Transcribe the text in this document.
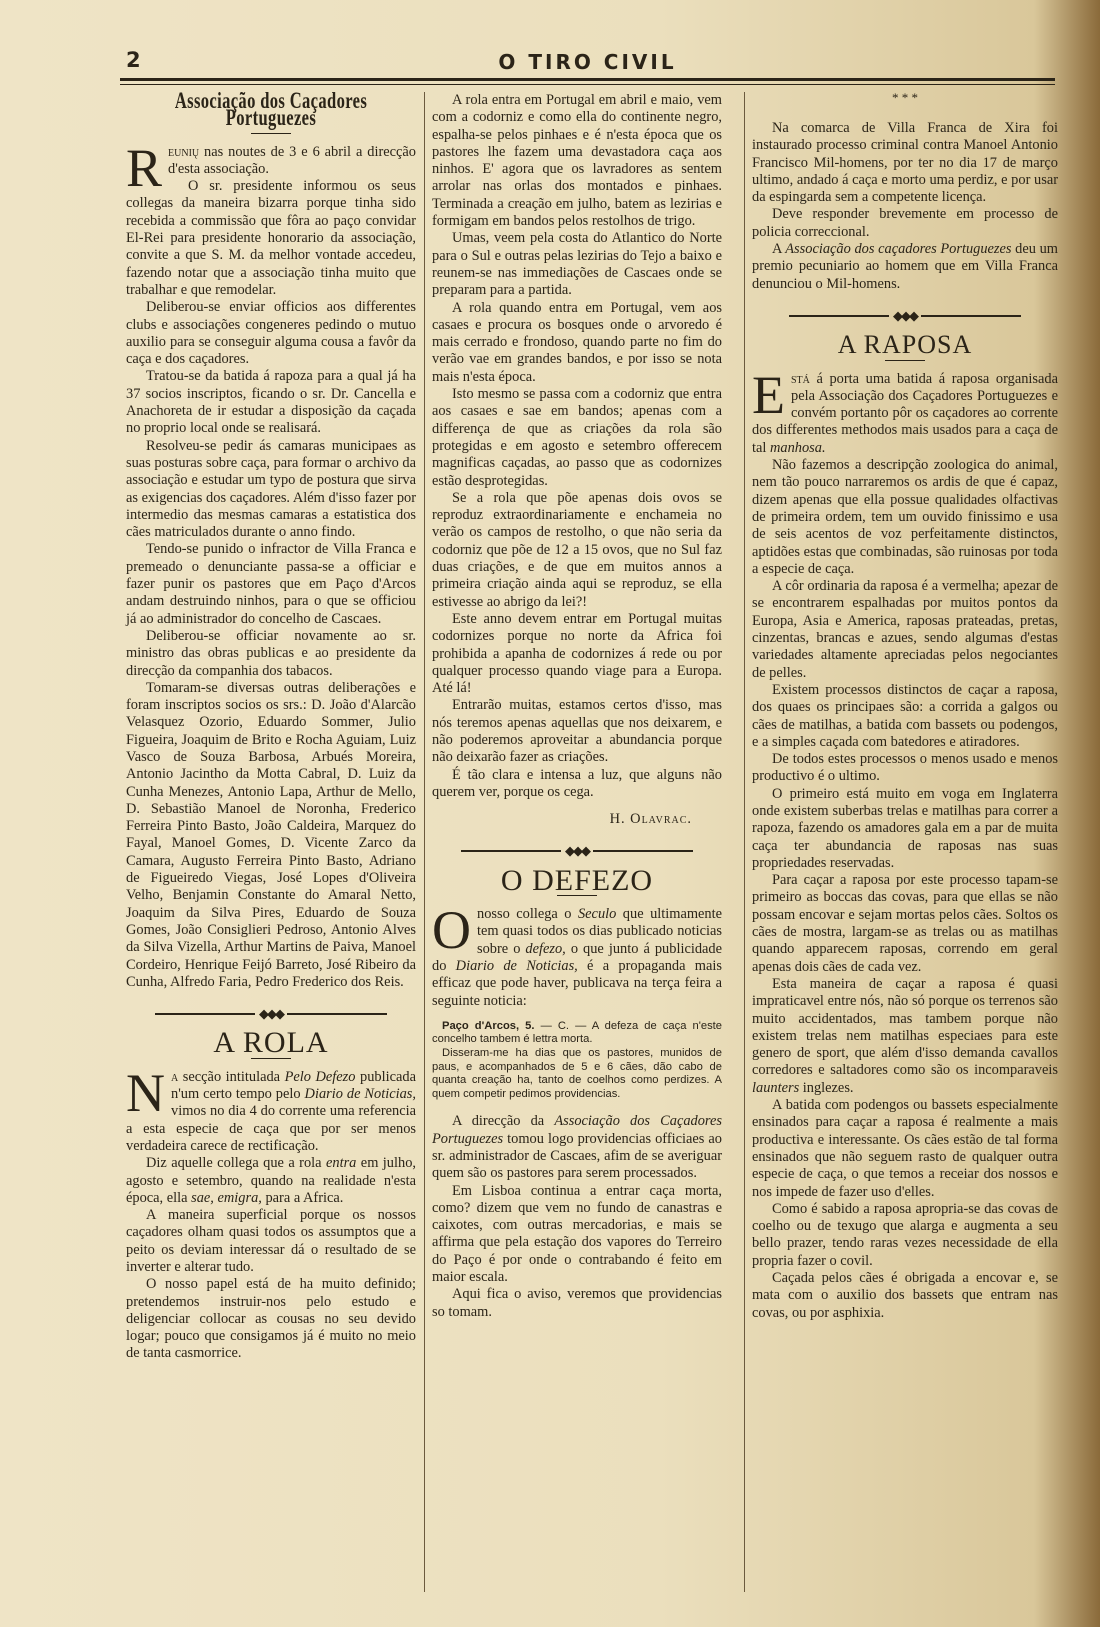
2	O TIRO CIVIL
Associação dos Caçadores Portuguezes

Reunių nas noutes de 3 e 6 abril a direcção d'esta associação.

O sr. presidente informou os seus collegas da maneira bizarra porque tinha sido recebida a commissão que fôra ao paço convidar El-Rei para presidente honorario da associação, convite a que S. M. da melhor vontade accedeu, fazendo notar que a associação tinha muito que trabalhar e que remodelar.

Deliberou-se enviar officios aos differentes clubs e associações congeneres pedindo o mutuo auxilio para se conseguir alguma cousa a favôr da caça e dos caçadores.

Tratou-se da batida á rapoza para a qual já ha 37 socios inscriptos, ficando o sr. Dr. Cancella e Anachoreta de ir estudar a disposição da caçada no proprio local onde se realisará.

Resolveu-se pedir ás camaras municipaes as suas posturas sobre caça, para formar o archivo da associação e estudar um typo de postura que sirva as exigencias dos caçadores. Além d'isso fazer por intermedio das mesmas camaras a estatistica dos cães matriculados durante o anno findo.

Tendo-se punido o infractor de Villa Franca e premeado o denunciante passa-se a officiar e fazer punir os pastores que em Paço d'Arcos andam destruindo ninhos, para o que se officiou já ao administrador do concelho de Cascaes.

Deliberou-se officiar novamente ao sr. ministro das obras publicas e ao presidente da direcção da companhia dos tabacos.

Tomaram-se diversas outras deliberações e foram inscriptos socios os srs.: D. João d'Alarcão Velasquez Ozorio, Eduardo Sommer, Julio Figueira, Joaquim de Brito e Rocha Aguiam, Luiz Vasco de Souza Barbosa, Arbués Moreira, Antonio Jacintho da Motta Cabral, D. Luiz da Cunha Menezes, Antonio Lapa, Arthur de Mello, D. Sebastião Manoel de Noronha, Frederico Ferreira Pinto Basto, João Caldeira, Marquez do Fayal, Manoel Gomes, D. Vicente Zarco da Camara, Augusto Ferreira Pinto Basto, Adriano de Figueiredo Viegas, José Lopes d'Oliveira Velho, Benjamin Constante do Amaral Netto, Joaquim da Silva Pires, Eduardo de Souza Gomes, João Consiglieri Pedroso, Antonio Alves da Silva Vizella, Arthur Martins de Paiva, Manoel Cordeiro, Henrique Feijó Barreto, José Ribeiro da Cunha, Alfredo Faria, Pedro Frederico dos Reis.

◆◆◆
A ROLA

Na secção intitulada Pelo Defezo publicada n'um certo tempo pelo Diario de Noticias, vimos no dia 4 do corrente uma referencia a esta especie de caça que por ser menos verdadeira carece de rectificação.

Diz aquelle collega que a rola entra em julho, agosto e setembro, quando na realidade n'esta época, ella sae, emigra, para a Africa.

A maneira superficial porque os nossos caçadores olham quasi todos os assumptos que a peito os deviam interessar dá o resultado de se inverter e alterar tudo.

O nosso papel está de ha muito definido; pretendemos instruir-nos pelo estudo e deligenciar collocar as cousas no seu devido logar; pouco que consigamos já é muito no meio de tanta casmorrice.

A rola entra em Portugal em abril e maio, vem com a codorniz e como ella do continente negro, espalha-se pelos pinhaes e é n'esta época que os pastores lhe fazem uma devastadora caça aos ninhos. E' agora que os lavradores as sentem arrolar nas orlas dos montados e pinhaes. Terminada a creação em julho, batem as lezirias e formigam em bandos pelos restolhos de trigo.

Umas, veem pela costa do Atlantico do Norte para o Sul e outras pelas lezirias do Tejo a baixo e reunem-se nas immediações de Cascaes onde se preparam para a partida.

A rola quando entra em Portugal, vem aos casaes e procura os bosques onde o arvoredo é mais cerrado e frondoso, quando parte no fim do verão vae em grandes bandos, e por isso se nota mais n'esta época.

Isto mesmo se passa com a codorniz que entra aos casaes e sae em bandos; apenas com a differença de que as criações da rola são protegidas e em agosto e setembro offerecem magnificas caçadas, ao passo que as codornizes estão desprotegidas.

Se a rola que põe apenas dois ovos se reproduz extraordinariamente e enchameia no verão os campos de restolho, o que não seria da codorniz que põe de 12 a 15 ovos, que no Sul faz duas criações, e de que em muitos annos a primeira criação ainda aqui se reproduz, se ella estivesse ao abrigo da lei?!

Este anno devem entrar em Portugal muitas codornizes porque no norte da Africa foi prohibida a apanha de codornizes á rede ou por qualquer processo quando viage para a Europa. Até lá!

Entrarão muitas, estamos certos d'isso, mas nós teremos apenas aquellas que nos deixarem, e não poderemos aproveitar a abundancia porque não deixarão fazer as criações.

É tão clara e intensa a luz, que alguns não querem ver, porque os cega.

H. Olavrac.
◆◆◆
O DEFEZO

Onosso collega o Seculo que ultimamente tem quasi todos os dias publicado noticias sobre o defezo, o que junto á publicidade do Diario de Noticias, é a propaganda mais efficaz que pode haver, publicava na terça feira a seguinte noticia:

Paço d'Arcos, 5. — C. — A defeza de caça n'este concelho tambem é lettra morta.

Disseram-me ha dias que os pastores, munidos de paus, e acompanhados de 5 e 6 cães, dão cabo de quanta creação ha, tanto de coelhos como perdizes. A quem competir pedimos providencias.

A direcção da Associação dos Caçadores Portuguezes tomou logo providencias officiaes ao sr. administrador de Cascaes, afim de se averiguar quem são os pastores para serem processados.

Em Lisboa continua a entrar caça morta, como? dizem que vem no fundo de canastras e caixotes, com outras mercadorias, e mais se affirma que pela estação dos vapores do Terreiro do Paço é por onde o contrabando é feito em maior escala.

Aqui fica o aviso, veremos que providencias so tomam.

* * *

Na comarca de Villa Franca de Xira foi instaurado processo criminal contra Manoel Antonio Francisco Mil-homens, por ter no dia 17 de março ultimo, andado á caça e morto uma perdiz, e por usar da espingarda sem a competente licença.

Deve responder brevemente em processo de policia correccional.

A Associação dos caçadores Portuguezes deu um premio pecuniario ao homem que em Villa Franca denunciou o Mil-homens.

◆◆◆
A RAPOSA

Está á porta uma batida á raposa organisada pela Associação dos Caçadores Portuguezes e convém portanto pôr os caçadores ao corrente dos differentes methodos mais usados para a caça de tal manhosa.

Não fazemos a descripção zoologica do animal, nem tão pouco narraremos os ardis de que é capaz, dizem apenas que ella possue qualidades olfactivas de primeira ordem, tem um ouvido finissimo e usa de seis acentos de voz perfeitamente distinctos, aptidões estas que combinadas, são ruinosas por toda a especie de caça.

A côr ordinaria da raposa é a vermelha; apezar de se encontrarem espalhadas por muitos pontos da Europa, Asia e America, raposas prateadas, pretas, cinzentas, brancas e azues, sendo algumas d'estas variedades altamente apreciadas pelos negociantes de pelles.

Existem processos distinctos de caçar a raposa, dos quaes os principaes são: a corrida a galgos ou cães de matilhas, a batida com bassets ou podengos, e a simples caçada com batedores e atiradores.

De todos estes processos o menos usado e menos productivo é o ultimo.

O primeiro está muito em voga em Inglaterra onde existem suberbas trelas e matilhas para correr a rapoza, fazendo os amadores gala em a par de muita caça ter abundancia de raposas nas suas propriedades reservadas.

Para caçar a raposa por este processo tapam-se primeiro as boccas das covas, para que ellas se não possam encovar e sejam mortas pelos cães. Soltos os cães de mostra, largam-se as trelas ou as matilhas quando apparecem raposas, correndo em geral apenas dois cães de cada vez.

Esta maneira de caçar a raposa é quasi impraticavel entre nós, não só porque os terrenos são muito accidentados, mas tambem porque não existem trelas nem matilhas especiaes para este genero de sport, que além d'isso demanda cavallos corredores e saltadores como são os incomparaveis launters inglezes.

A batida com podengos ou bassets especialmente ensinados para caçar a raposa é realmente a mais productiva e interessante. Os cães estão de tal forma ensinados que não seguem rasto de qualquer outra especie de caça, o que temos a receiar dos nossos e nos impede de fazer uso d'elles.

Como é sabido a raposa apropria-se das covas de coelho ou de texugo que alarga e augmenta a seu bello prazer, tendo raras vezes necessidade de ella propria fazer o covil.

Caçada pelos cães é obrigada a encovar e, se mata com o auxilio dos bassets que entram nas covas, ou por asphixia.
